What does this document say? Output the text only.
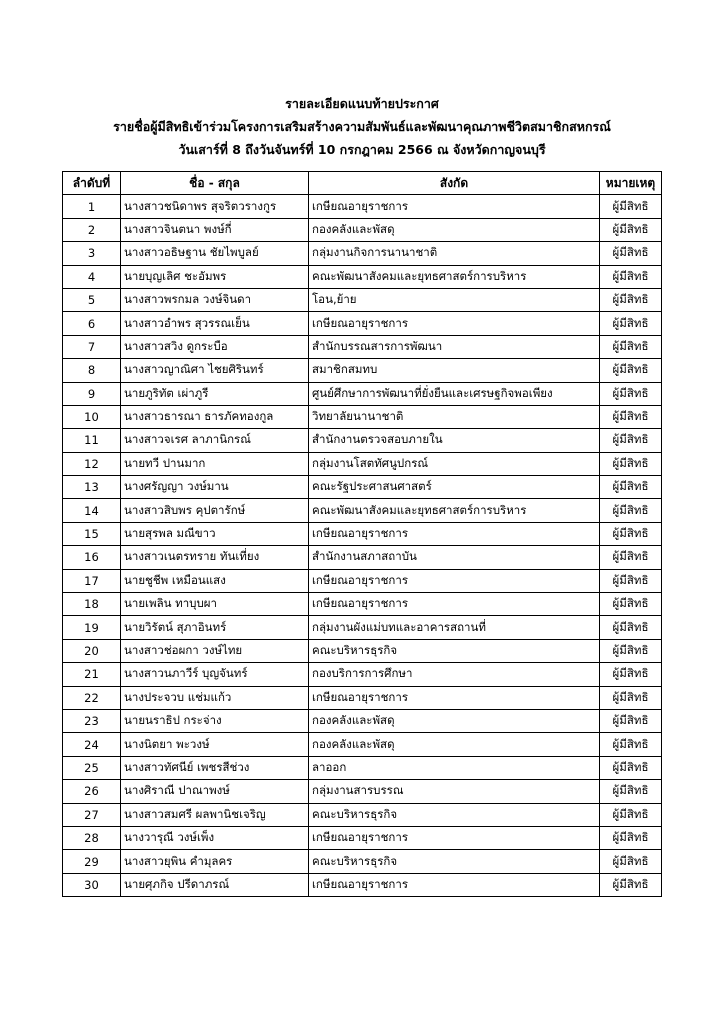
รายละเอียดแนบท้ายประกาศ
รายชื่อผู้มีสิทธิเข้าร่วมโครงการเสริมสร้างความสัมพันธ์และพัฒนาคุณภาพชีวิตสมาชิกสหกรณ์
วันเสาร์ที่ 8 ถึงวันจันทร์ที่ 10 กรกฎาคม 2566 ณ จังหวัดกาญจนบุรี
ลำดับที่	ชื่อ - สกุล	สังกัด	หมายเหตุ
1	นางสาวชนิดาพร สุจริตวรางกูร	เกษียณอายุราชการ	ผู้มีสิทธิ
2	นางสาวจินตนา พงษ์กี่	กองคลังและพัสดุ	ผู้มีสิทธิ
3	นางสาวอธิษฐาน ชัยไพบูลย์	กลุ่มงานกิจการนานาชาติ	ผู้มีสิทธิ
4	นายบุญเลิศ ชะอัมพร	คณะพัฒนาสังคมและยุทธศาสตร์การบริหาร	ผู้มีสิทธิ
5	นางสาวพรกมล วงษ์จินดา	โอน,ย้าย	ผู้มีสิทธิ
6	นางสาวอำพร สุวรรณเย็น	เกษียณอายุราชการ	ผู้มีสิทธิ
7	นางสาวสวิง ดูกระบือ	สำนักบรรณสารการพัฒนา	ผู้มีสิทธิ
8	นางสาวญาณิศา ไชยศิรินทร์	สมาชิกสมทบ	ผู้มีสิทธิ
9	นายภูริทัต เผ่าภูรี	ศูนย์ศึกษาการพัฒนาที่ยั่งยืนและเศรษฐกิจพอเพียง	ผู้มีสิทธิ
10	นางสาวธารณา ธารภัคทองกูล	วิทยาลัยนานาชาติ	ผู้มีสิทธิ
11	นางสาวจเรศ ลาภานิกรณ์	สำนักงานตรวจสอบภายใน	ผู้มีสิทธิ
12	นายทวี ปานมาก	กลุ่มงานโสตทัศนูปกรณ์	ผู้มีสิทธิ
13	นางศรัญญา วงษ์มาน	คณะรัฐประศาสนศาสตร์	ผู้มีสิทธิ
14	นางสาวสิบพร คุปตารักษ์	คณะพัฒนาสังคมและยุทธศาสตร์การบริหาร	ผู้มีสิทธิ
15	นายสุรพล มณีขาว	เกษียณอายุราชการ	ผู้มีสิทธิ
16	นางสาวเนตรทราย ทันเที่ยง	สำนักงานสภาสถาบัน	ผู้มีสิทธิ
17	นายชูชีพ เหมือนแสง	เกษียณอายุราชการ	ผู้มีสิทธิ
18	นายเพลิน ทาบุบผา	เกษียณอายุราชการ	ผู้มีสิทธิ
19	นายวิรัตน์ สุภาอินทร์	กลุ่มงานผังแม่บทและอาคารสถานที่	ผู้มีสิทธิ
20	นางสาวช่อผกา วงษ์ไทย	คณะบริหารธุรกิจ	ผู้มีสิทธิ
21	นางสาวนภาวีร์ บุญจันทร์	กองบริการการศึกษา	ผู้มีสิทธิ
22	นางประจวบ แช่มแก้ว	เกษียณอายุราชการ	ผู้มีสิทธิ
23	นายนราธิป กระจ่าง	กองคลังและพัสดุ	ผู้มีสิทธิ
24	นางนิตยา พะวงษ์	กองคลังและพัสดุ	ผู้มีสิทธิ
25	นางสาวทัศนีย์ เพชรสีช่วง	ลาออก	ผู้มีสิทธิ
26	นางศิราณี ปาณาพงษ์	กลุ่มงานสารบรรณ	ผู้มีสิทธิ
27	นางสาวสมศรี ผลพานิชเจริญ	คณะบริหารธุรกิจ	ผู้มีสิทธิ
28	นางวารุณี วงษ์เพ็ง	เกษียณอายุราชการ	ผู้มีสิทธิ
29	นางสาวยุพิน คำมุลคร	คณะบริหารธุรกิจ	ผู้มีสิทธิ
30	นายศุภกิจ ปรีดาภรณ์	เกษียณอายุราชการ	ผู้มีสิทธิ
